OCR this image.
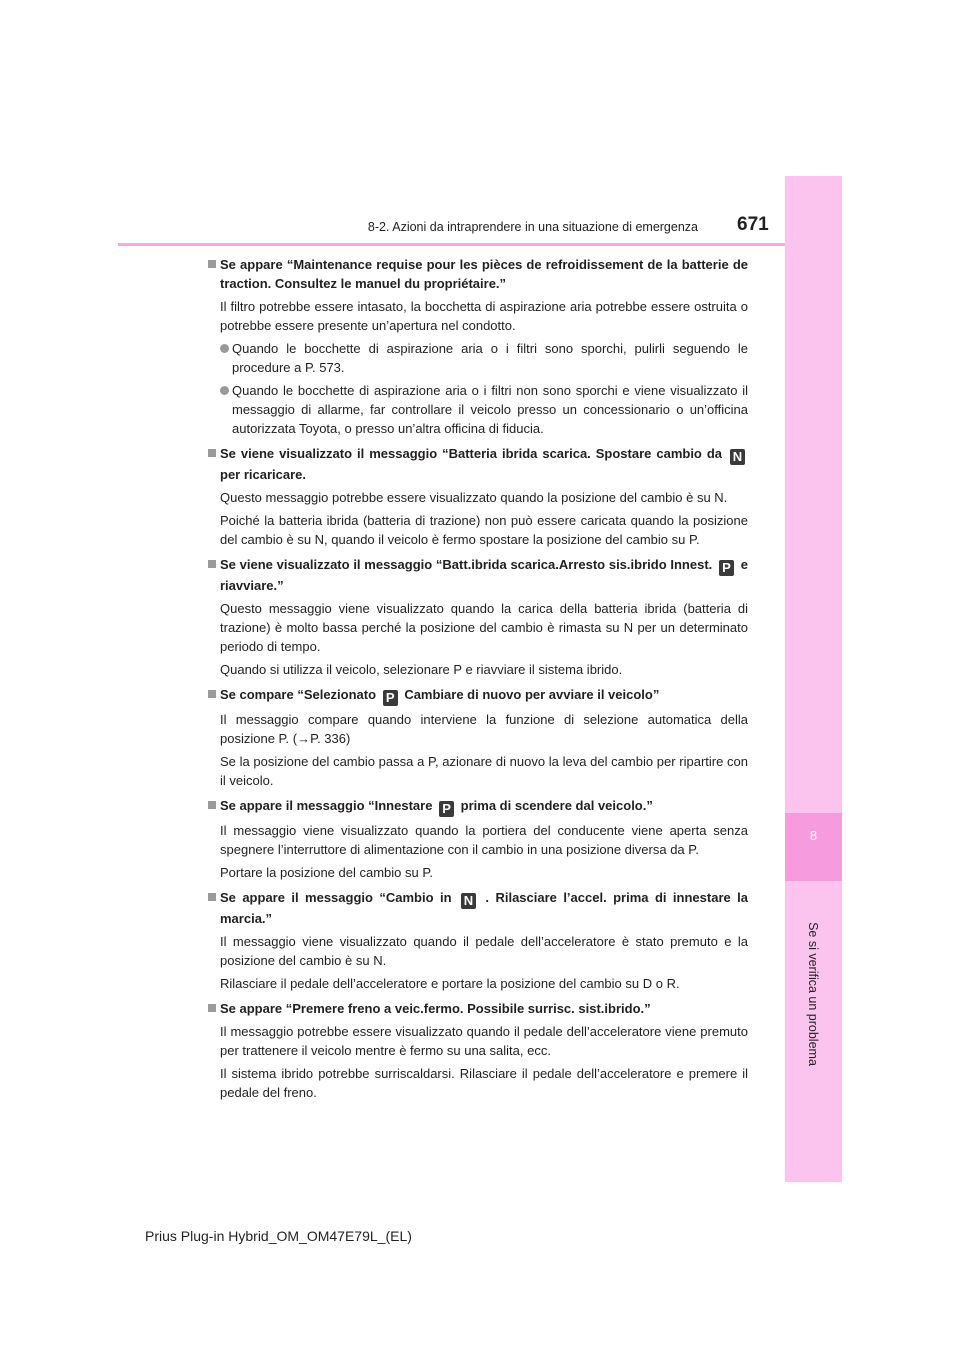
8
Se si verifica un problema
8-2. Azioni da intraprendere in una situazione di emergenza 671

Se appare “Maintenance requise pour les pièces de refroidissement de la batterie de traction. Consultez le manuel du propriétaire.”

Il filtro potrebbe essere intasato, la bocchetta di aspirazione aria potrebbe essere ostruita o potrebbe essere presente un’apertura nel condotto.

Quando le bocchette di aspirazione aria o i filtri sono sporchi, pulirli seguendo le procedure a P. 573.
Quando le bocchette di aspirazione aria o i filtri non sono sporchi e viene visualizzato il messaggio di allarme, far controllare il veicolo presso un concessionario o un’officina autorizzata Toyota, o presso un’altra officina di fiducia.

Se viene visualizzato il messaggio “Batteria ibrida scarica. Spostare cambio da N per ricaricare.

Questo messaggio potrebbe essere visualizzato quando la posizione del cambio è su N.

Poiché la batteria ibrida (batteria di trazione) non può essere caricata quando la posizione del cambio è su N, quando il veicolo è fermo spostare la posizione del cambio su P.

Se viene visualizzato il messaggio “Batt.ibrida scarica.Arresto sis.ibrido Innest. P e riavviare.”

Questo messaggio viene visualizzato quando la carica della batteria ibrida (batteria di trazione) è molto bassa perché la posizione del cambio è rimasta su N per un determinato periodo di tempo.

Quando si utilizza il veicolo, selezionare P e riavviare il sistema ibrido.

Se compare “Selezionato P Cambiare di nuovo per avviare il veicolo”

Il messaggio compare quando interviene la funzione di selezione automatica della posizione P. (→P. 336)

Se la posizione del cambio passa a P, azionare di nuovo la leva del cambio per ripartire con il veicolo.

Se appare il messaggio “Innestare P prima di scendere dal veicolo.”

Il messaggio viene visualizzato quando la portiera del conducente viene aperta senza spegnere l’interruttore di alimentazione con il cambio in una posizione diversa da P.

Portare la posizione del cambio su P.

Se appare il messaggio “Cambio in N . Rilasciare l’accel. prima di innestare la marcia.”

Il messaggio viene visualizzato quando il pedale dell’acceleratore è stato premuto e la posizione del cambio è su N.

Rilasciare il pedale dell’acceleratore e portare la posizione del cambio su D o R.

Se appare “Premere freno a veic.fermo. Possibile surrisc. sist.ibrido.”

Il messaggio potrebbe essere visualizzato quando il pedale dell’acceleratore viene premuto per trattenere il veicolo mentre è fermo su una salita, ecc.

Il sistema ibrido potrebbe surriscaldarsi. Rilasciare il pedale dell’acceleratore e premere il pedale del freno.

Prius Plug-in Hybrid_OM_OM47E79L_(EL)
